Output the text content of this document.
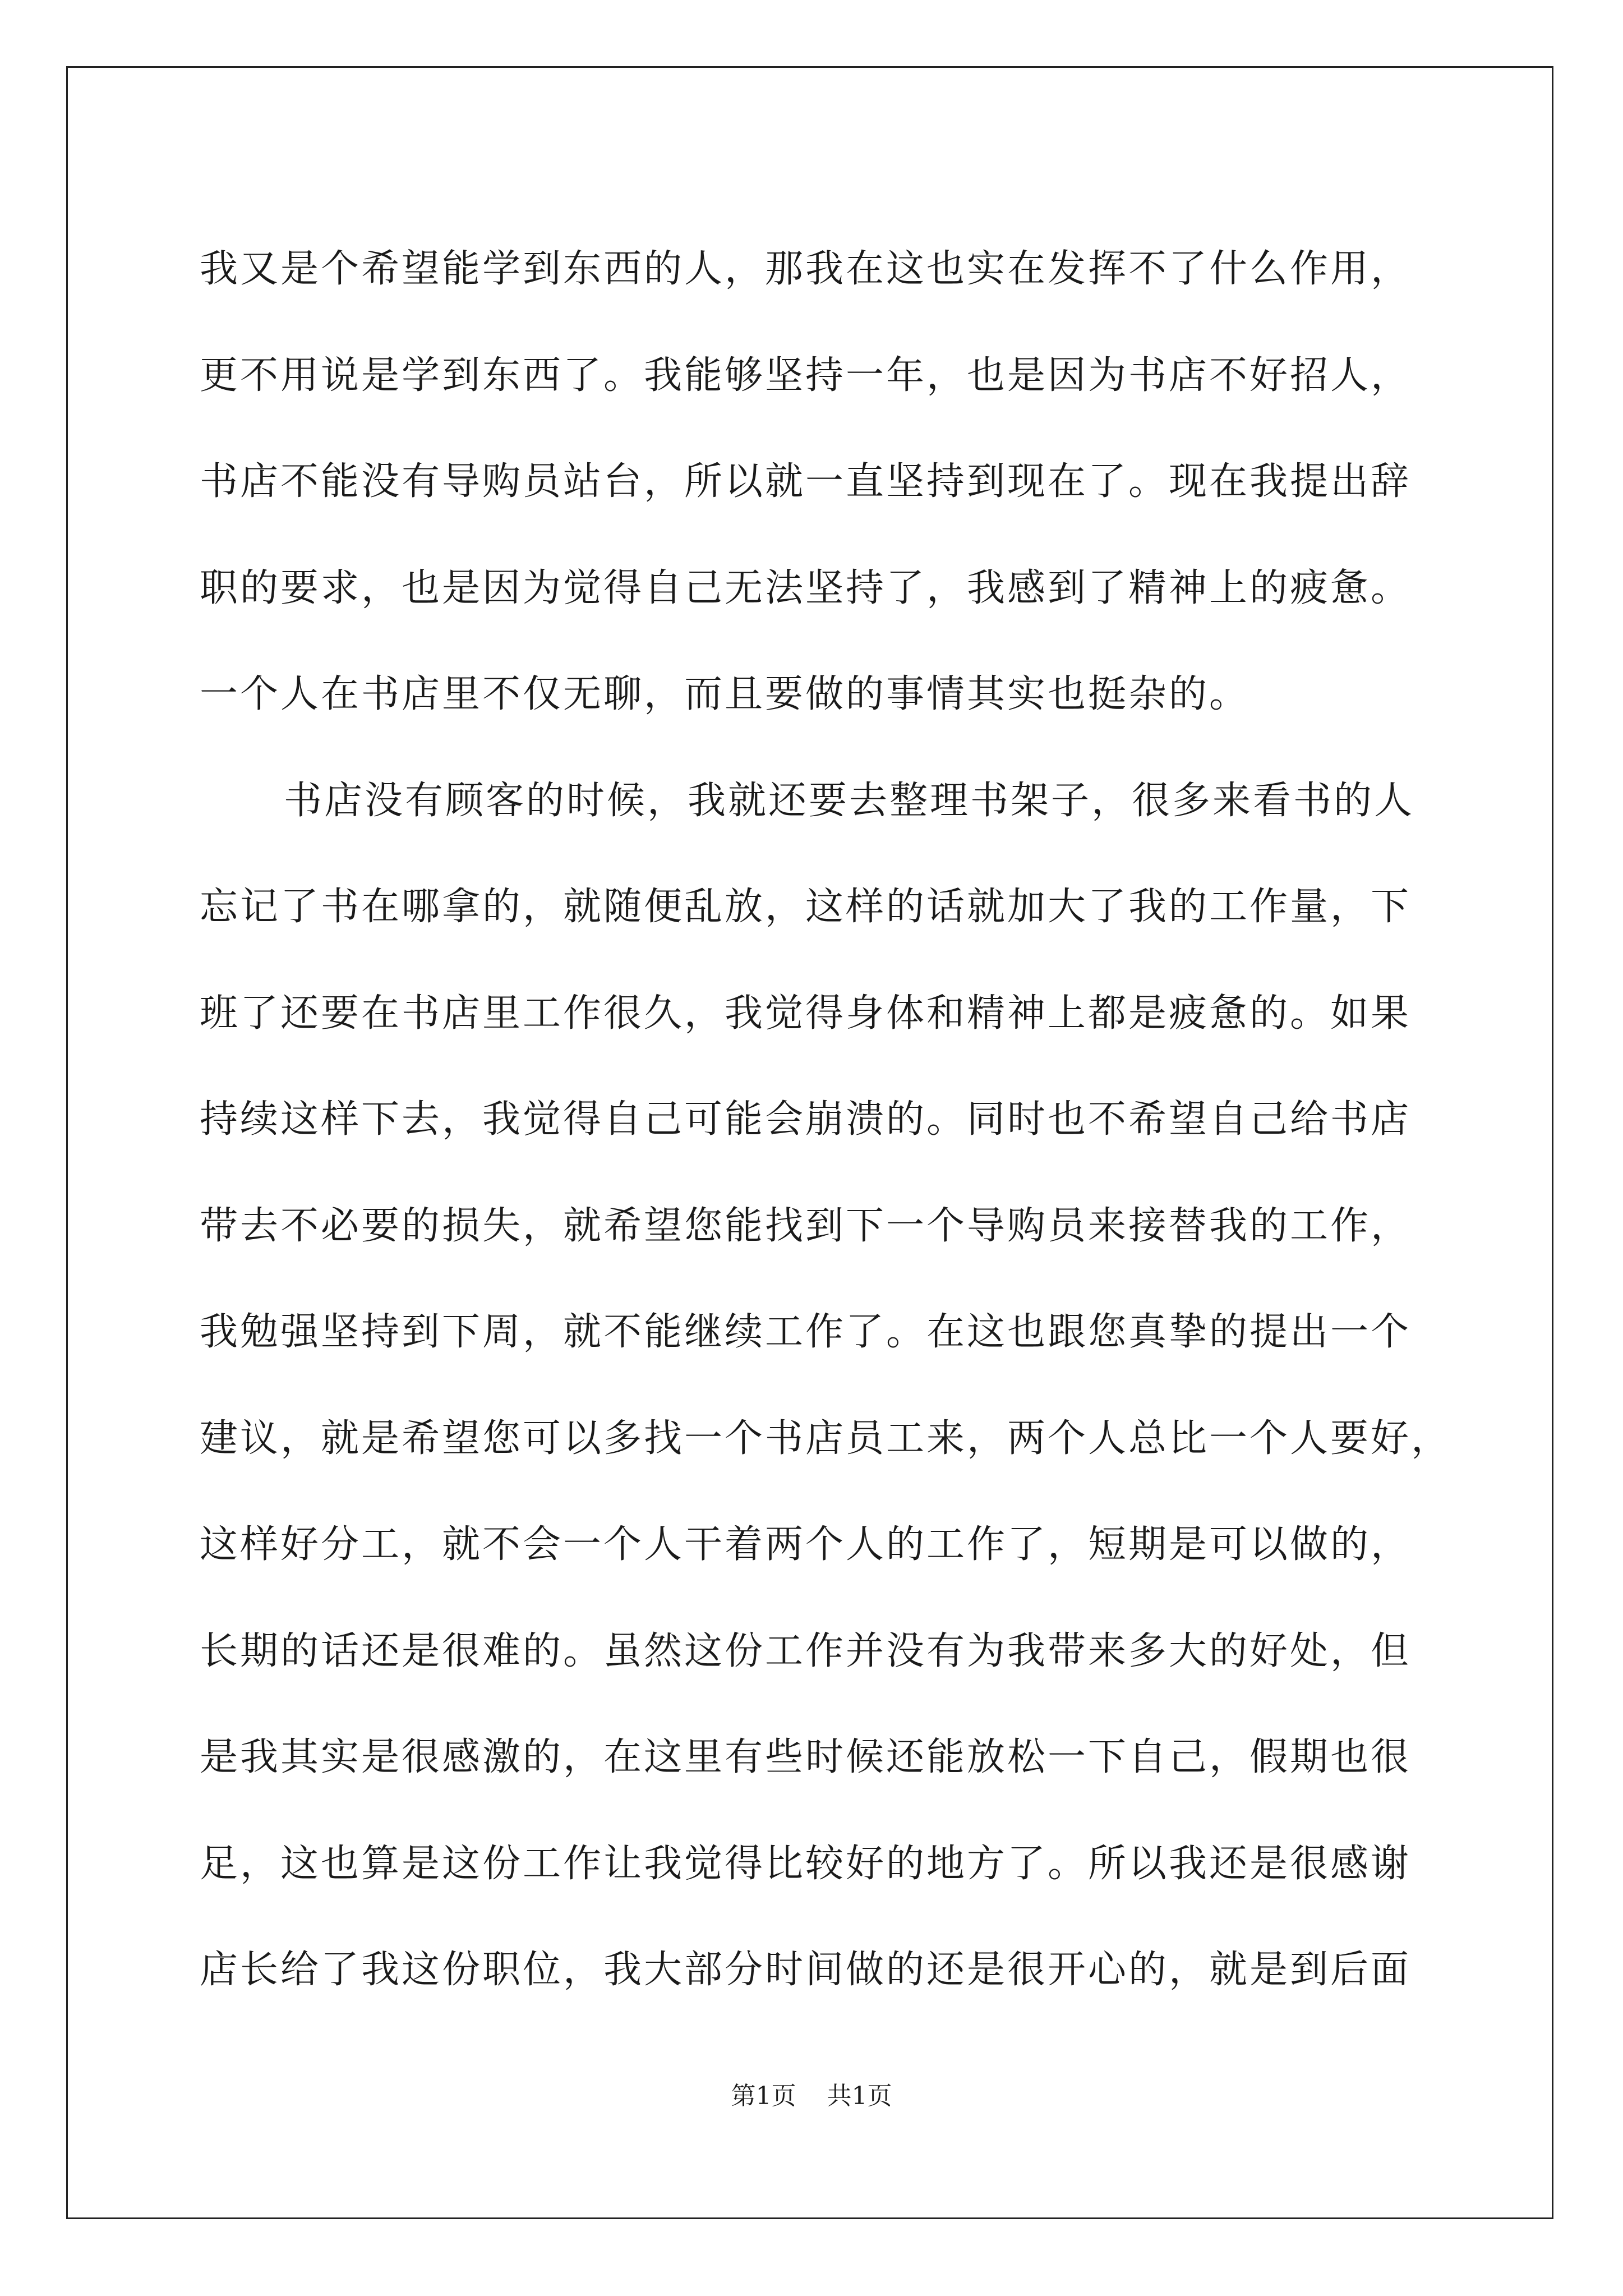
我又是个希望能学到东西的人，那我在这也实在发挥不了什么作用，
更不用说是学到东西了。我能够坚持一年，也是因为书店不好招人，
书店不能没有导购员站台，所以就一直坚持到现在了。现在我提出辞
职的要求，也是因为觉得自己无法坚持了，我感到了精神上的疲惫。
一个人在书店里不仅无聊，而且要做的事情其实也挺杂的。
书店没有顾客的时候，我就还要去整理书架子，很多来看书的人
忘记了书在哪拿的，就随便乱放，这样的话就加大了我的工作量，下
班了还要在书店里工作很久，我觉得身体和精神上都是疲惫的。如果
持续这样下去，我觉得自己可能会崩溃的。同时也不希望自己给书店
带去不必要的损失，就希望您能找到下一个导购员来接替我的工作，
我勉强坚持到下周，就不能继续工作了。在这也跟您真挚的提出一个
建议，就是希望您可以多找一个书店员工来，两个人总比一个人要好，
这样好分工，就不会一个人干着两个人的工作了，短期是可以做的，
长期的话还是很难的。虽然这份工作并没有为我带来多大的好处，但
是我其实是很感激的，在这里有些时候还能放松一下自己，假期也很
足，这也算是这份工作让我觉得比较好的地方了。所以我还是很感谢
店长给了我这份职位，我大部分时间做的还是很开心的，就是到后面
第1页 共1页
